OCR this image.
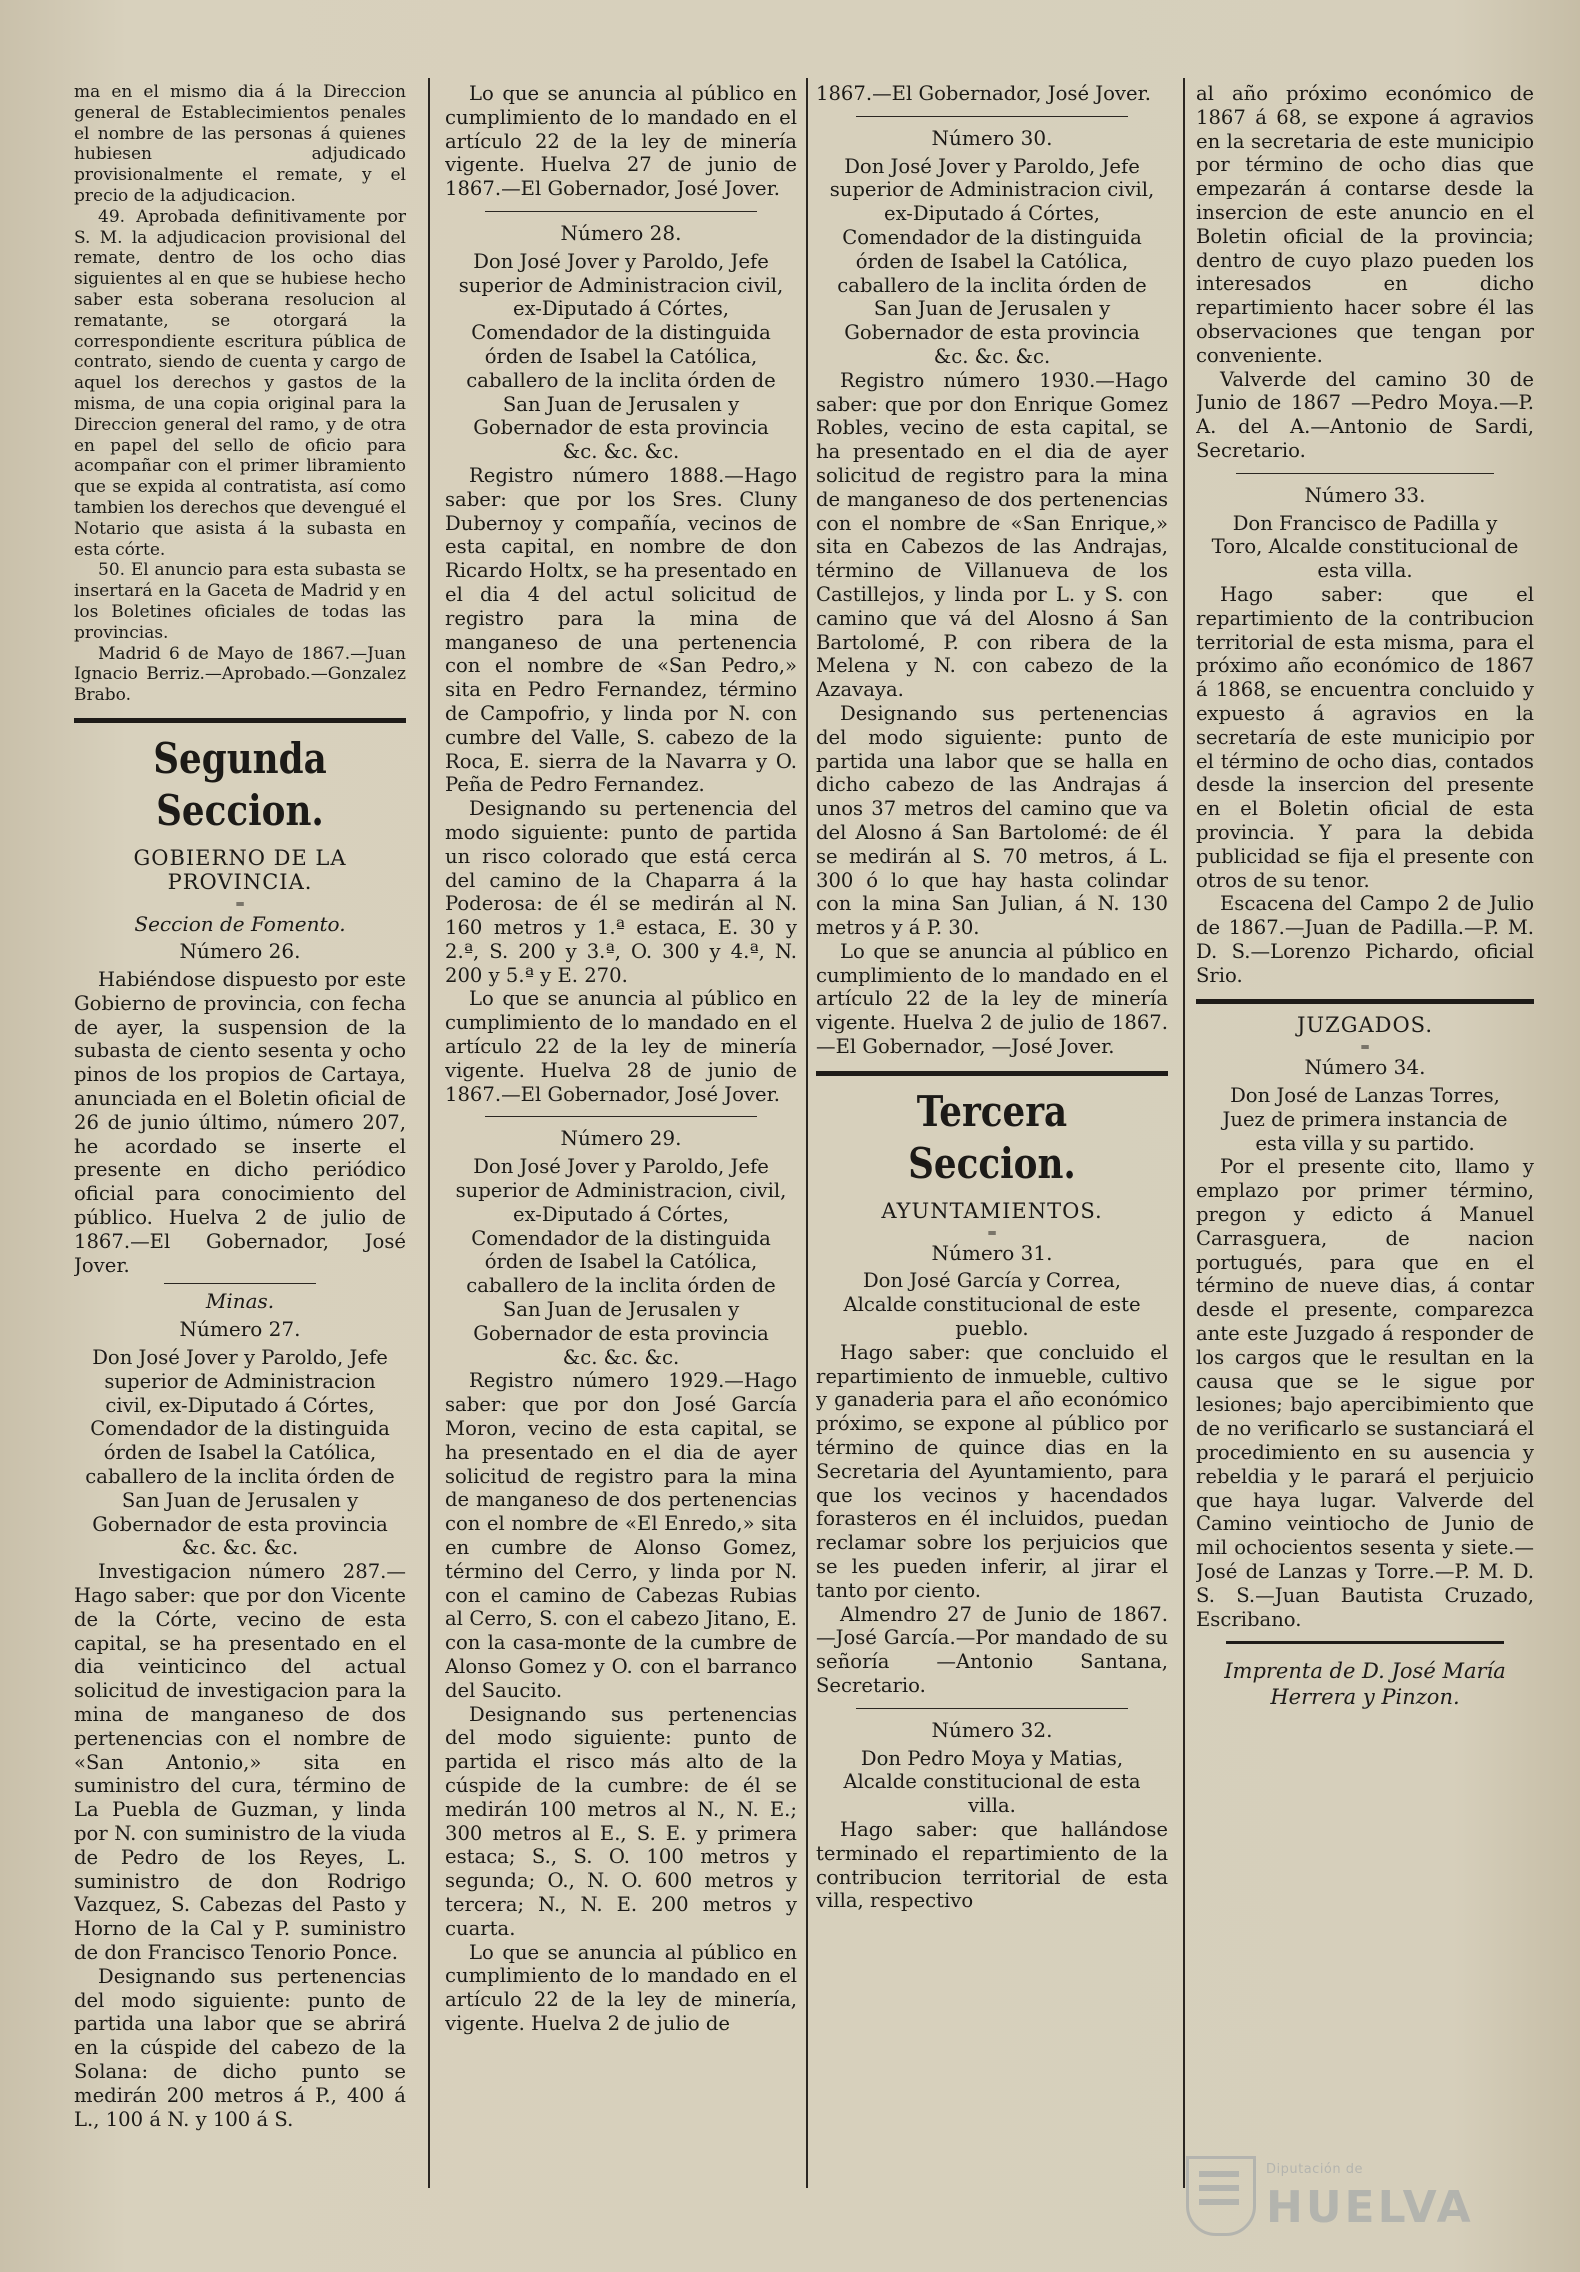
ma en el mismo dia á la Direccion general de Establecimientos penales el nombre de las personas á quienes hubiesen adjudicado provisionalmente el remate, y el precio de la adjudicacion.

49. Aprobada definitivamente por S. M. la adjudicacion provisional del remate, dentro de los ocho dias siguientes al en que se hubiese hecho saber esta soberana resolucion al rematante, se otorgará la correspondiente escritura pública de contrato, siendo de cuenta y cargo de aquel los derechos y gastos de la misma, de una copia original para la Direccion general del ramo, y de otra en papel del sello de oficio para acompañar con el primer libramiento que se expida al contratista, así como tambien los derechos que devengué el Notario que asista á la subasta en esta córte.

50. El anuncio para esta subasta se insertará en la Gaceta de Madrid y en los Boletines oficiales de todas las provincias.

Madrid 6 de Mayo de 1867.—Juan Ignacio Berriz.—Aprobado.—Gonzalez Brabo.

Segunda Seccion.
GOBIERNO DE LA PROVINCIA.
═
Seccion de Fomento.
Número 26.

Habiéndose dispuesto por este Gobierno de provincia, con fecha de ayer, la suspension de la subasta de ciento sesenta y ocho pinos de los propios de Cartaya, anunciada en el Boletin oficial de 26 de junio último, número 207, he acordado se inserte el presente en dicho periódico oficial para conocimiento del público. Huelva 2 de julio de 1867.—El Gobernador, José Jover.

Minas.
Número 27.

Don José Jover y Paroldo, Jefe superior de Administracion civil, ex-Diputado á Córtes, Comendador de la distinguida órden de Isabel la Católica, caballero de la inclita órden de San Juan de Jerusalen y Gobernador de esta provincia &c. &c. &c.

Investigacion número 287.—Hago saber: que por don Vicente de la Córte, vecino de esta capital, se ha presentado en el dia veinticinco del actual solicitud de investigacion para la mina de manganeso de dos pertenencias con el nombre de «San Antonio,» sita en suministro del cura, término de La Puebla de Guzman, y linda por N. con suministro de la viuda de Pedro de los Reyes, L. suministro de don Rodrigo Vazquez, S. Cabezas del Pasto y Horno de la Cal y P. suministro de don Francisco Tenorio Ponce.

Designando sus pertenencias del modo siguiente: punto de partida una labor que se abrirá en la cúspide del cabezo de la Solana: de dicho punto se medirán 200 metros á P., 400 á L., 100 á N. y 100 á S.

Lo que se anuncia al público en cumplimiento de lo mandado en el artículo 22 de la ley de minería vigente. Huelva 27 de junio de 1867.—El Gobernador, José Jover.

Número 28.

Don José Jover y Paroldo, Jefe superior de Administracion civil, ex-Diputado á Córtes, Comendador de la distinguida órden de Isabel la Católica, caballero de la inclita órden de San Juan de Jerusalen y Gobernador de esta provincia &c. &c. &c.

Registro número 1888.—Hago saber: que por los Sres. Cluny Dubernoy y compañía, vecinos de esta capital, en nombre de don Ricardo Holtx, se ha presentado en el dia 4 del actul solicitud de registro para la mina de manganeso de una pertenencia con el nombre de «San Pedro,» sita en Pedro Fernandez, término de Campofrio, y linda por N. con cumbre del Valle, S. cabezo de la Roca, E. sierra de la Navarra y O. Peña de Pedro Fernandez.

Designando su pertenencia del modo siguiente: punto de partida un risco colorado que está cerca del camino de la Chaparra á la Poderosa: de él se medirán al N. 160 metros y 1.ª estaca, E. 30 y 2.ª, S. 200 y 3.ª, O. 300 y 4.ª, N. 200 y 5.ª y E. 270.

Lo que se anuncia al público en cumplimiento de lo mandado en el artículo 22 de la ley de minería vigente. Huelva 28 de junio de 1867.—El Gobernador, José Jover.

Número 29.

Don José Jover y Paroldo, Jefe superior de Administracion, civil, ex-Diputado á Córtes, Comendador de la distinguida órden de Isabel la Católica, caballero de la inclita órden de San Juan de Jerusalen y Gobernador de esta provincia &c. &c. &c.

Registro número 1929.—Hago saber: que por don José García Moron, vecino de esta capital, se ha presentado en el dia de ayer solicitud de registro para la mina de manganeso de dos pertenencias con el nombre de «El Enredo,» sita en cumbre de Alonso Gomez, término del Cerro, y linda por N. con el camino de Cabezas Rubias al Cerro, S. con el cabezo Jitano, E. con la casa-monte de la cumbre de Alonso Gomez y O. con el barranco del Saucito.

Designando sus pertenencias del modo siguiente: punto de partida el risco más alto de la cúspide de la cumbre: de él se medirán 100 metros al N., N. E.; 300 metros al E., S. E. y primera estaca; S., S. O. 100 metros y segunda; O., N. O. 600 metros y tercera; N., N. E. 200 metros y cuarta.

Lo que se anuncia al público en cumplimiento de lo mandado en el artículo 22 de la ley de minería, vigente. Huelva 2 de julio de

1867.—El Gobernador, José Jover.

Número 30.

Don José Jover y Paroldo, Jefe superior de Administracion civil, ex-Diputado á Córtes, Comendador de la distinguida órden de Isabel la Católica, caballero de la inclita órden de San Juan de Jerusalen y Gobernador de esta provincia &c. &c. &c.

Registro número 1930.—Hago saber: que por don Enrique Gomez Robles, vecino de esta capital, se ha presentado en el dia de ayer solicitud de registro para la mina de manganeso de dos pertenencias con el nombre de «San Enrique,» sita en Cabezos de las Andrajas, término de Villanueva de los Castillejos, y linda por L. y S. con camino que vá del Alosno á San Bartolomé, P. con ribera de la Melena y N. con cabezo de la Azavaya.

Designando sus pertenencias del modo siguiente: punto de partida una labor que se halla en dicho cabezo de las Andrajas á unos 37 metros del camino que va del Alosno á San Bartolomé: de él se medirán al S. 70 metros, á L. 300 ó lo que hay hasta colindar con la mina San Julian, á N. 130 metros y á P. 30.

Lo que se anuncia al público en cumplimiento de lo mandado en el artículo 22 de la ley de minería vigente. Huelva 2 de julio de 1867.—El Gobernador, —José Jover.

Tercera Seccion.
AYUNTAMIENTOS.
═
Número 31.

Don José García y Correa, Alcalde constitucional de este pueblo.

Hago saber: que concluido el repartimiento de inmueble, cultivo y ganaderia para el año económico próximo, se expone al público por término de quince dias en la Secretaria del Ayuntamiento, para que los vecinos y hacendados forasteros en él incluidos, puedan reclamar sobre los perjuicios que se les pueden inferir, al jirar el tanto por ciento.

Almendro 27 de Junio de 1867.—José García.—Por mandado de su señoría —Antonio Santana, Secretario.

Número 32.

Don Pedro Moya y Matias, Alcalde constitucional de esta villa.

Hago saber: que hallándose terminado el repartimiento de la contribucion territorial de esta villa, respectivo

al año próximo económico de 1867 á 68, se expone á agravios en la secretaria de este municipio por término de ocho dias que empezarán á contarse desde la insercion de este anuncio en el Boletin oficial de la provincia; dentro de cuyo plazo pueden los interesados en dicho repartimiento hacer sobre él las observaciones que tengan por conveniente.

Valverde del camino 30 de Junio de 1867 —Pedro Moya.—P. A. del A.—Antonio de Sardi, Secretario.

Número 33.

Don Francisco de Padilla y Toro, Alcalde constitucional de esta villa.

Hago saber: que el repartimiento de la contribucion territorial de esta misma, para el próximo año económico de 1867 á 1868, se encuentra concluido y expuesto á agravios en la secretaría de este municipio por el término de ocho dias, contados desde la insercion del presente en el Boletin oficial de esta provincia. Y para la debida publicidad se fija el presente con otros de su tenor.

Escacena del Campo 2 de Julio de 1867.—Juan de Padilla.—P. M. D. S.—Lorenzo Pichardo, oficial Srio.

JUZGADOS.
═
Número 34.

Don José de Lanzas Torres, Juez de primera instancia de esta villa y su partido.

Por el presente cito, llamo y emplazo por primer término, pregon y edicto á Manuel Carrasguera, de nacion portugués, para que en el término de nueve dias, á contar desde el presente, comparezca ante este Juzgado á responder de los cargos que le resultan en la causa que se le sigue por lesiones; bajo apercibimiento que de no verificarlo se sustanciará el procedimiento en su ausencia y rebeldia y le parará el perjuicio que haya lugar. Valverde del Camino veintiocho de Junio de mil ochocientos sesenta y siete.—José de Lanzas y Torre.—P. M. D. S. S.—Juan Bautista Cruzado, Escribano.

Imprenta de D. José María Herrera y Pinzon.
Diputación de
HUELVA
